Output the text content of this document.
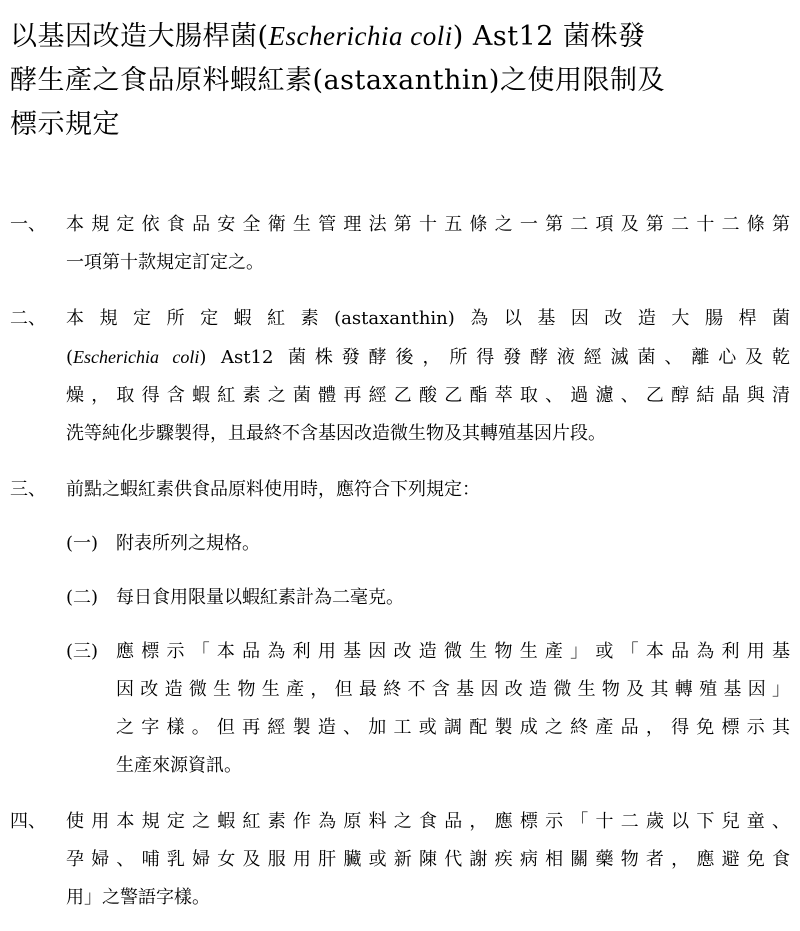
以基因改造大腸桿菌(Escherichia coli) Ast12 菌株發
酵生產之食品原料蝦紅素(astaxanthin)之使用限制及
標示規定
一、	本規定依食品安全衛生管理法第十五條之一第二項及第二十二條第
一項第十款規定訂定之。
二、	本規定所定蝦紅素(astaxanthin)為以基因改造大腸桿菌
(Escherichia coli) Ast12 菌株發酵後，所得發酵液經滅菌、離心及乾
燥，取得含蝦紅素之菌體再經乙酸乙酯萃取、過濾、乙醇結晶與清
洗等純化步驟製得，且最終不含基因改造微生物及其轉殖基因片段。
三、	前點之蝦紅素供食品原料使用時，應符合下列規定：
(一) 附表所列之規格。
(二) 每日食用限量以蝦紅素計為二毫克。
(三) 應標示「本品為利用基因改造微生物生產」或「本品為利用基
因改造微生物生產，但最終不含基因改造微生物及其轉殖基因」
之字樣。但再經製造、加工或調配製成之終產品，得免標示其
生產來源資訊。
四、	使用本規定之蝦紅素作為原料之食品，應標示「十二歲以下兒童、
孕婦、哺乳婦女及服用肝臟或新陳代謝疾病相關藥物者，應避免食
用」之警語字樣。
